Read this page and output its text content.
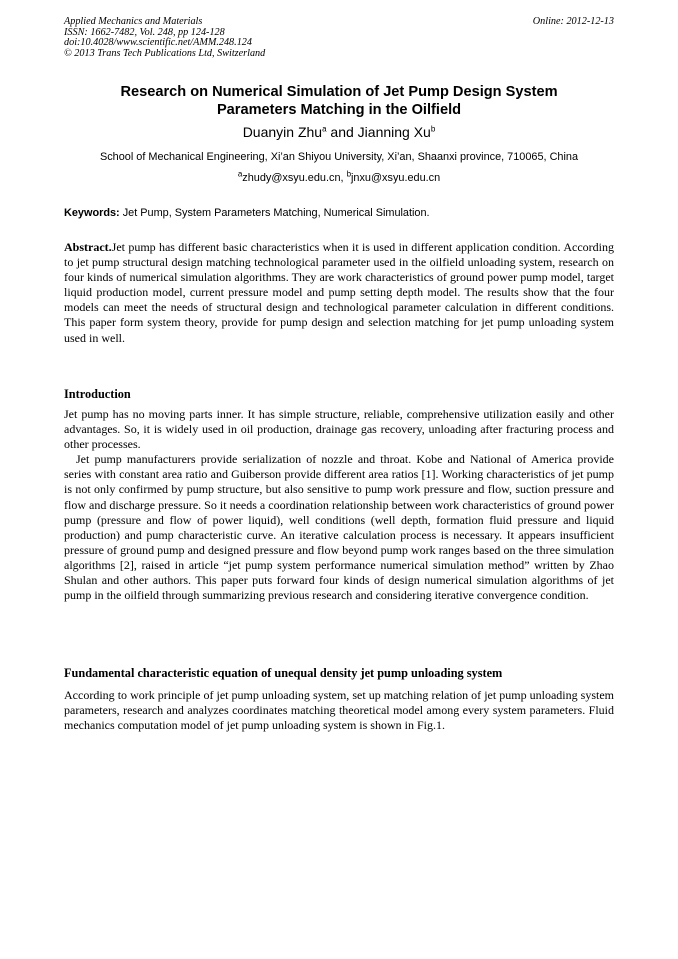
Applied Mechanics and Materials
ISSN: 1662-7482, Vol. 248, pp 124-128
doi:10.4028/www.scientific.net/AMM.248.124
© 2013 Trans Tech Publications Ltd, Switzerland
Online: 2012-12-13
Research on Numerical Simulation of Jet Pump Design System
Parameters Matching in the Oilfield
Duanyin Zhu$^a$ and Jianning Xu$^b$
School of Mechanical Engineering, Xi’an Shiyou University, Xi’an, Shaanxi province, 710065, China
$^a$zhudy@xsyu.edu.cn, $^b$jnxu@xsyu.edu.cn
Keywords: Jet Pump, System Parameters Matching, Numerical Simulation.

Abstract.Jet pump has different basic characteristics when it is used in different application condition. According to jet pump structural design matching technological parameter used in the oilfield unloading system, research on four kinds of numerical simulation algorithms. They are work characteristics of ground power pump model, target liquid production model, current pressure model and pump setting depth model. The results show that the four models can meet the needs of structural design and technological parameter calculation in different conditions. This paper form system theory, provide for pump design and selection matching for jet pump unloading system used in well.

Introduction

Jet pump has no moving parts inner. It has simple structure, reliable, comprehensive utilization easily and other advantages. So, it is widely used in oil production, drainage gas recovery, unloading after fracturing process and other processes.

Jet pump manufacturers provide serialization of nozzle and throat. Kobe and National of America provide series with constant area ratio and Guiberson provide different area ratios [1]. Working characteristics of jet pump is not only confirmed by pump structure, but also sensitive to pump work pressure and flow, suction pressure and flow and discharge pressure. So it needs a coordination relationship between work characteristics of ground power pump (pressure and flow of power liquid), well conditions (well depth, formation fluid pressure and liquid production) and pump characteristic curve. An iterative calculation process is necessary. It appears insufficient pressure of ground pump and designed pressure and flow beyond pump work ranges based on the three simulation algorithms [2], raised in article “jet pump system performance numerical simulation method” written by Zhao Shulan and other authors. This paper puts forward four kinds of design numerical simulation algorithms of jet pump in the oilfield through summarizing previous research and considering iterative convergence condition.

Fundamental characteristic equation of unequal density jet pump unloading system

According to work principle of jet pump unloading system, set up matching relation of jet pump unloading system parameters, research and analyzes coordinates matching theoretical model among every system parameters. Fluid mechanics computation model of jet pump unloading system is shown in Fig.1.
